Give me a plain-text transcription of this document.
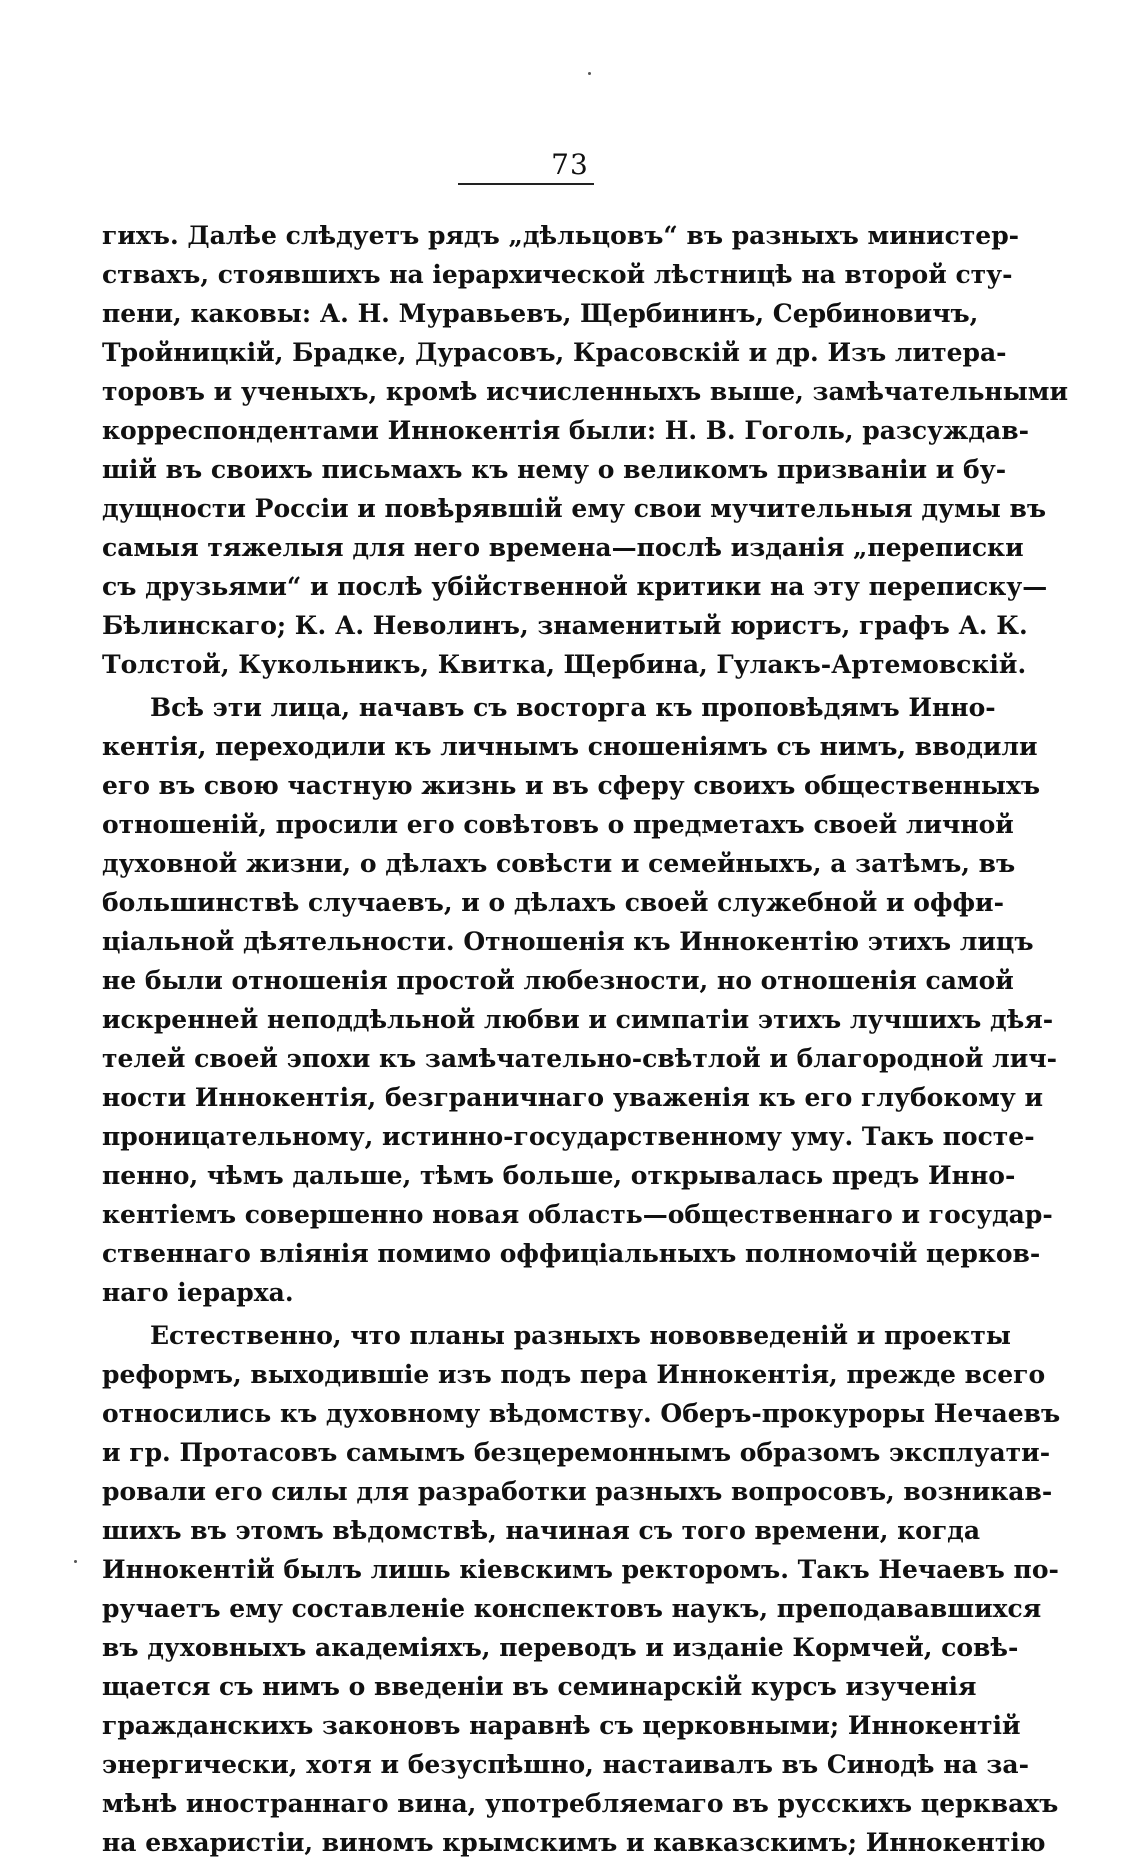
73
гихъ. Далѣе слѣдуетъ рядъ „дѣльцовъ“ въ разныхъ министер-
ствахъ, стоявшихъ на іерархической лѣстницѣ на второй сту-
пени, каковы: А. Н. Муравьевъ, Щербининъ, Сербиновичъ,
Тройницкій, Брадке, Дурасовъ, Красовскій и др. Изъ литера-
торовъ и ученыхъ, кромѣ исчисленныхъ выше, замѣчательными
корреспондентами Иннокентія были: Н. В. Гоголь, разсуждав-
шій въ своихъ письмахъ къ нему о великомъ призваніи и бу-
дущности Россіи и повѣрявшій ему свои мучительныя думы въ
самыя тяжелыя для него времена—послѣ изданія „переписки
съ друзьями“ и послѣ убійственной критики на эту переписку—
Бѣлинскаго; К. А. Неволинъ, знаменитый юристъ, графъ А. К.
Толстой, Кукольникъ, Квитка, Щербина, Гулакъ-Артемовскій.
Всѣ эти лица, начавъ съ восторга къ проповѣдямъ Инно-
кентія, переходили къ личнымъ сношеніямъ съ нимъ, вводили
его въ свою частную жизнь и въ сферу своихъ общественныхъ
отношеній, просили его совѣтовъ о предметахъ своей личной
духовной жизни, о дѣлахъ совѣсти и семейныхъ, а затѣмъ, въ
большинствѣ случаевъ, и о дѣлахъ своей служебной и оффи-
ціальной дѣятельности. Отношенія къ Иннокентію этихъ лицъ
не были отношенія простой любезности, но отношенія самой
искренней неподдѣльной любви и симпатіи этихъ лучшихъ дѣя-
телей своей эпохи къ замѣчательно-свѣтлой и благородной лич-
ности Иннокентія, безграничнаго уваженія къ его глубокому и
проницательному, истинно-государственному уму. Такъ посте-
пенно, чѣмъ дальше, тѣмъ больше, открывалась предъ Инно-
кентіемъ совершенно новая область—общественнаго и государ-
ственнаго вліянія помимо оффиціальныхъ полномочій церков-
наго іерарха.
Естественно, что планы разныхъ нововведеній и проекты
реформъ, выходившіе изъ подъ пера Иннокентія, прежде всего
относились къ духовному вѣдомству. Оберъ-прокуроры Нечаевъ
и гр. Протасовъ самымъ безцеремоннымъ образомъ эксплуати-
ровали его силы для разработки разныхъ вопросовъ, возникав-
шихъ въ этомъ вѣдомствѣ, начиная съ того времени, когда
Иннокентій былъ лишь кіевскимъ ректоромъ. Такъ Нечаевъ по-
ручаетъ ему составленіе конспектовъ наукъ, преподававшихся
въ духовныхъ академіяхъ, переводъ и изданіе Кормчей, совѣ-
щается съ нимъ о введеніи въ семинарскій курсъ изученія
гражданскихъ законовъ наравнѣ съ церковными; Иннокентій
энергически, хотя и безуспѣшно, настаивалъ въ Синодѣ на за-
мѣнѣ иностраннаго вина, употребляемаго въ русскихъ церквахъ
на евхаристіи, виномъ крымскимъ и кавказскимъ; Иннокентію
